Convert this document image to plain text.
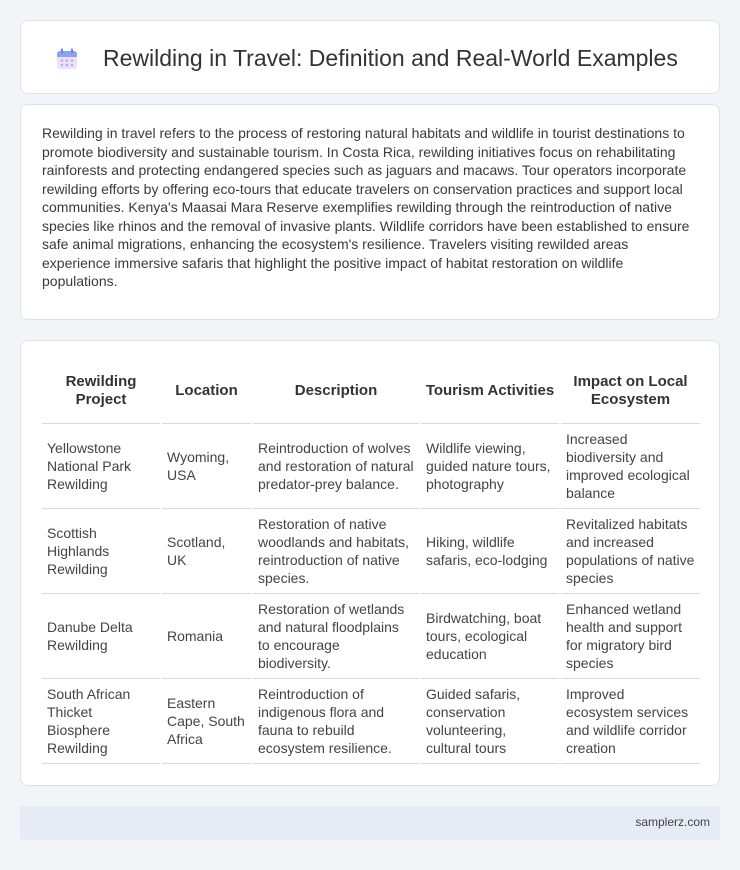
Rewilding in Travel: Definition and Real-World Examples

Rewilding in travel refers to the process of restoring natural habitats and wildlife in tourist destinations to promote biodiversity and sustainable tourism. In Costa Rica, rewilding initiatives focus on rehabilitating rainforests and protecting endangered species such as jaguars and macaws. Tour operators incorporate rewilding efforts by offering eco-tours that educate travelers on conservation practices and support local communities. Kenya's Maasai Mara Reserve exemplifies rewilding through the reintroduction of native species like rhinos and the removal of invasive plants. Wildlife corridors have been established to ensure safe animal migrations, enhancing the ecosystem's resilience. Travelers visiting rewilded areas experience immersive safaris that highlight the positive impact of habitat restoration on wildlife populations.

Rewilding Project	Location	Description	Tourism Activities	Impact on Local Ecosystem
Yellowstone National Park Rewilding	Wyoming, USA	Reintroduction of wolves and restoration of natural predator-prey balance.	Wildlife viewing, guided nature tours, photography	Increased biodiversity and improved ecological balance
Scottish Highlands Rewilding	Scotland, UK	Restoration of native woodlands and habitats, reintroduction of native species.	Hiking, wildlife safaris, eco-lodging	Revitalized habitats and increased populations of native species
Danube Delta Rewilding	Romania	Restoration of wetlands and natural floodplains to encourage biodiversity.	Birdwatching, boat tours, ecological education	Enhanced wetland health and support for migratory bird species
South African Thicket Biosphere Rewilding	Eastern Cape, South Africa	Reintroduction of indigenous flora and fauna to rebuild ecosystem resilience.	Guided safaris, conservation volunteering, cultural tours	Improved ecosystem services and wildlife corridor creation
samplerz.com
